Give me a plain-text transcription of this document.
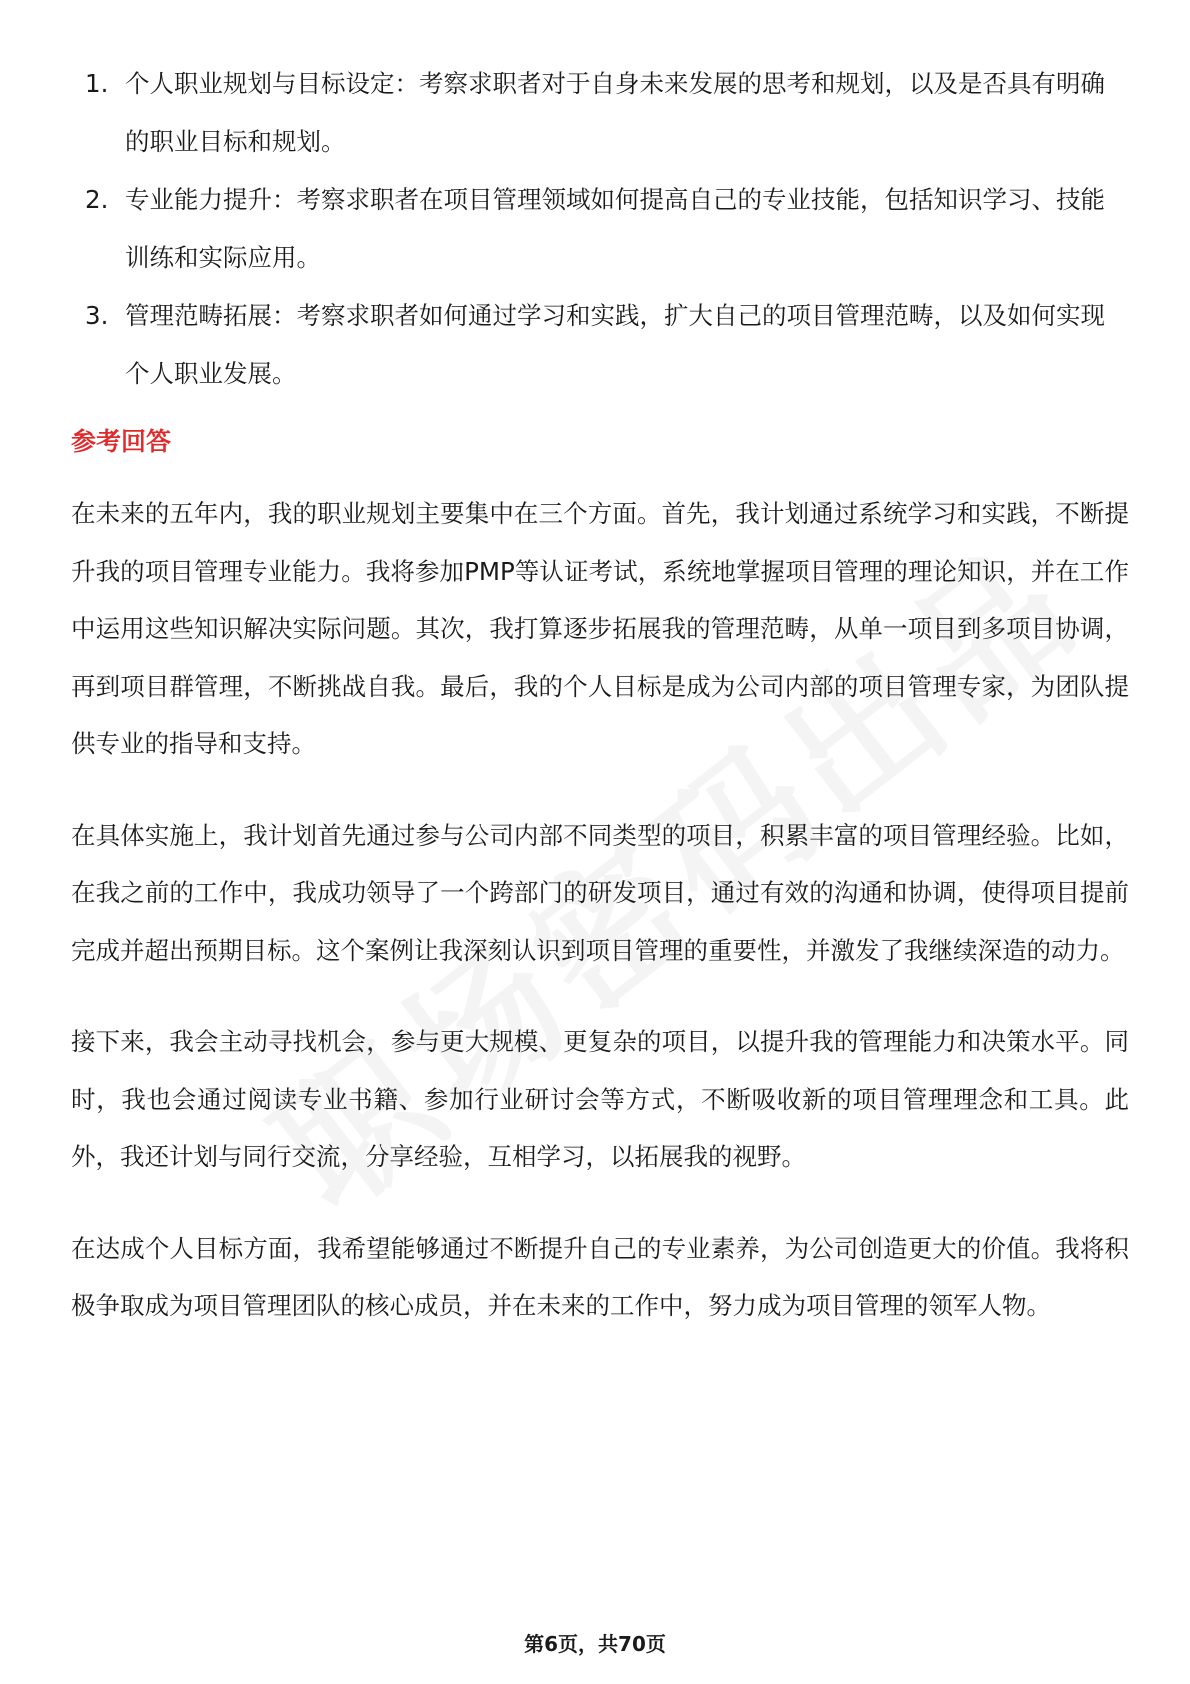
1. 个人职业规划与目标设定：考察求职者对于自身未来发展的思考和规划，以及是否具有明确的职业目标和规划。
2. 专业能力提升：考察求职者在项目管理领域如何提高自己的专业技能，包括知识学习、技能训练和实际应用。
3. 管理范畴拓展：考察求职者如何通过学习和实践，扩大自己的项目管理范畴，以及如何实现个人职业发展。
参考回答

在未来的五年内，我的职业规划主要集中在三个方面。首先，我计划通过系统学习和实践，不断提升我的项目管理专业能力。我将参加PMP等认证考试，系统地掌握项目管理的理论知识，并在工作中运用这些知识解决实际问题。其次，我打算逐步拓展我的管理范畴，从单一项目到多项目协调，再到项目群管理，不断挑战自我。最后，我的个人目标是成为公司内部的项目管理专家，为团队提供专业的指导和支持。

在具体实施上，我计划首先通过参与公司内部不同类型的项目，积累丰富的项目管理经验。比如，在我之前的工作中，我成功领导了一个跨部门的研发项目，通过有效的沟通和协调，使得项目提前完成并超出预期目标。这个案例让我深刻认识到项目管理的重要性，并激发了我继续深造的动力。

接下来，我会主动寻找机会，参与更大规模、更复杂的项目，以提升我的管理能力和决策水平。同时，我也会通过阅读专业书籍、参加行业研讨会等方式，不断吸收新的项目管理理念和工具。此外，我还计划与同行交流，分享经验，互相学习，以拓展我的视野。

在达成个人目标方面，我希望能够通过不断提升自己的专业素养，为公司创造更大的价值。我将积极争取成为项目管理团队的核心成员，并在未来的工作中，努力成为项目管理的领军人物。

第6页，共70页
